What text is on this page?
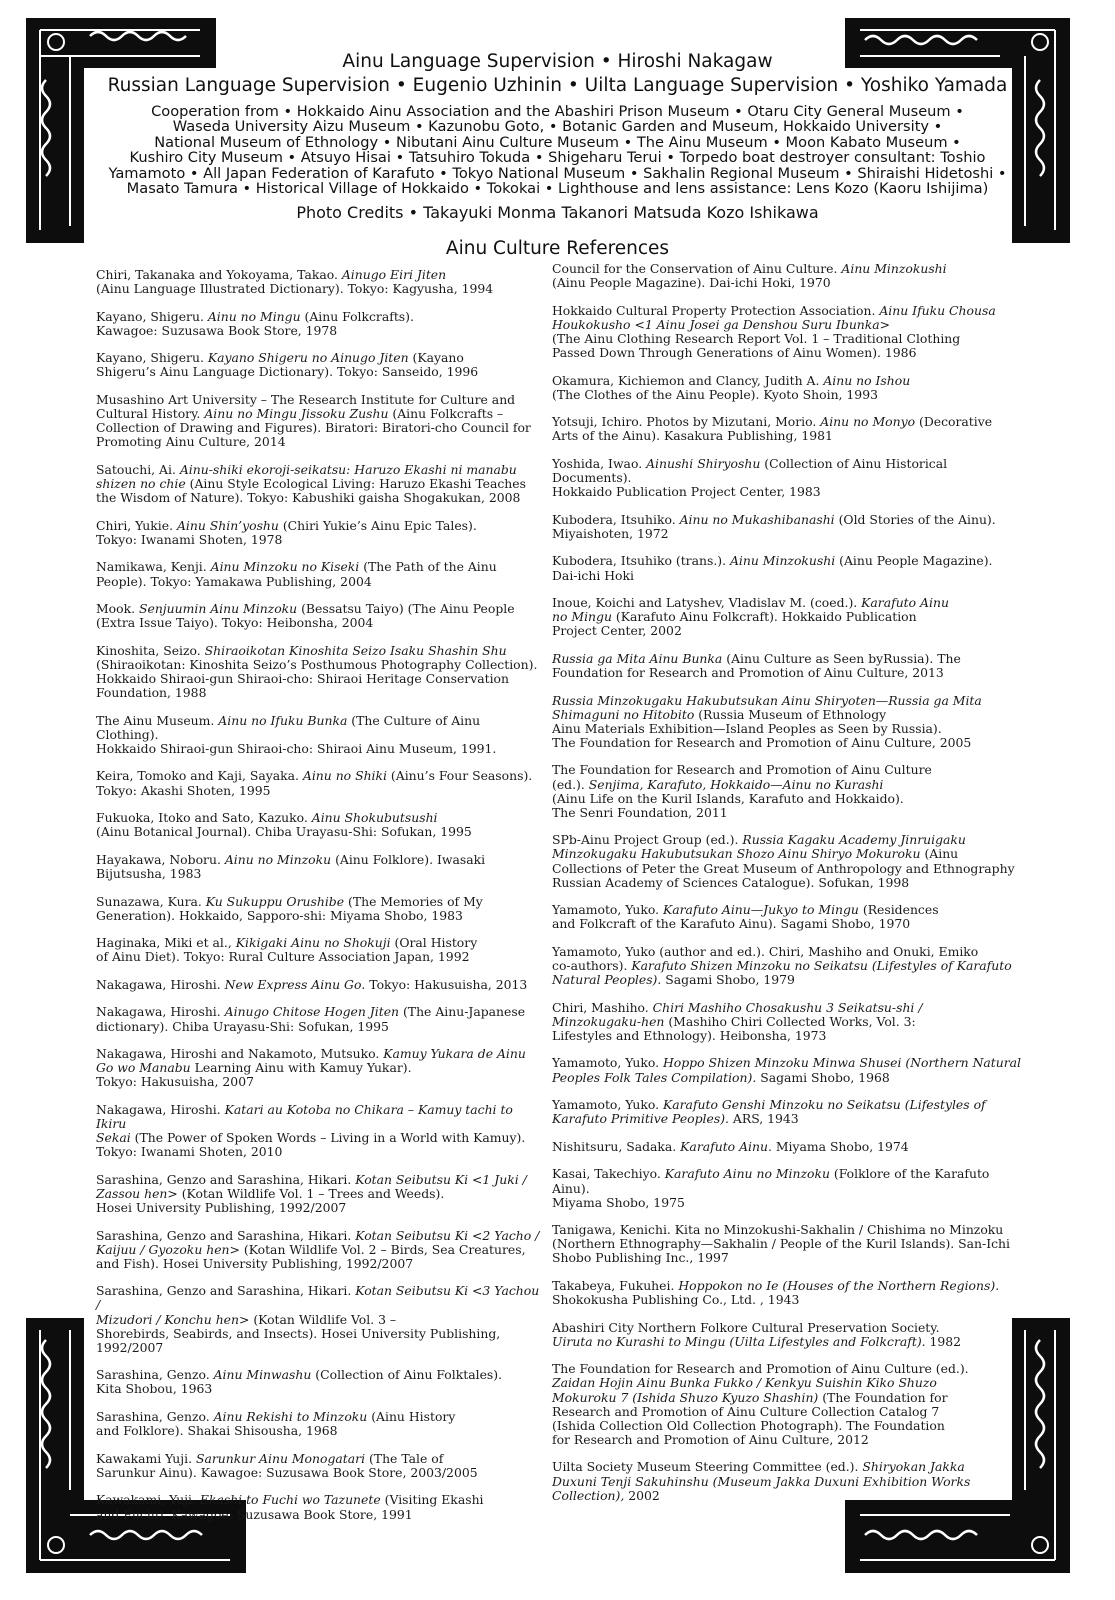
Ainu Language Supervision • Hiroshi Nakagaw
Russian Language Supervision • Eugenio Uzhinin • Uilta Language Supervision • Yoshiko Yamada
Cooperation from • Hokkaido Ainu Association and the Abashiri Prison Museum • Otaru City General Museum •
Waseda University Aizu Museum • Kazunobu Goto, • Botanic Garden and Museum, Hokkaido University •
National Museum of Ethnology • Nibutani Ainu Culture Museum • The Ainu Museum • Moon Kabato Museum •
Kushiro City Museum • Atsuyo Hisai • Tatsuhiro Tokuda • Shigeharu Terui • Torpedo boat destroyer consultant: Toshio
Yamamoto • All Japan Federation of Karafuto • Tokyo National Museum • Sakhalin Regional Museum • Shiraishi Hidetoshi •
Masato Tamura • Historical Village of Hokkaido • Tokokai • Lighthouse and lens assistance: Lens Kozo (Kaoru Ishijima)
Photo Credits • Takayuki Monma Takanori Matsuda Kozo Ishikawa
Ainu Culture References
Chiri, Takanaka and Yokoyama, Takao. Ainugo Eiri Jiten
(Ainu Language Illustrated Dictionary). Tokyo: Kagyusha, 1994
Kayano, Shigeru. Ainu no Mingu (Ainu Folkcrafts).
Kawagoe: Suzusawa Book Store, 1978
Kayano, Shigeru. Kayano Shigeru no Ainugo Jiten (Kayano
Shigeru’s Ainu Language Dictionary). Tokyo: Sanseido, 1996
Musashino Art University – The Research Institute for Culture and
Cultural History. Ainu no Mingu Jissoku Zushu (Ainu Folkcrafts –
Collection of Drawing and Figures). Biratori: Biratori-cho Council for
Promoting Ainu Culture, 2014
Satouchi, Ai. Ainu-shiki ekoroji-seikatsu: Haruzo Ekashi ni manabu
shizen no chie (Ainu Style Ecological Living: Haruzo Ekashi Teaches
the Wisdom of Nature). Tokyo: Kabushiki gaisha Shogakukan, 2008
Chiri, Yukie. Ainu Shin’yoshu (Chiri Yukie’s Ainu Epic Tales).
Tokyo: Iwanami Shoten, 1978
Namikawa, Kenji. Ainu Minzoku no Kiseki (The Path of the Ainu
People). Tokyo: Yamakawa Publishing, 2004
Mook. Senjuumin Ainu Minzoku (Bessatsu Taiyo) (The Ainu People
(Extra Issue Taiyo). Tokyo: Heibonsha, 2004
Kinoshita, Seizo. Shiraoikotan Kinoshita Seizo Isaku Shashin Shu
(Shiraoikotan: Kinoshita Seizo’s Posthumous Photography Collection).
Hokkaido Shiraoi-gun Shiraoi-cho: Shiraoi Heritage Conservation
Foundation, 1988
The Ainu Museum. Ainu no Ifuku Bunka (The Culture of Ainu Clothing).
Hokkaido Shiraoi-gun Shiraoi-cho: Shiraoi Ainu Museum, 1991.
Keira, Tomoko and Kaji, Sayaka. Ainu no Shiki (Ainu’s Four Seasons).
Tokyo: Akashi Shoten, 1995
Fukuoka, Itoko and Sato, Kazuko. Ainu Shokubutsushi
(Ainu Botanical Journal). Chiba Urayasu-Shi: Sofukan, 1995
Hayakawa, Noboru. Ainu no Minzoku (Ainu Folklore). Iwasaki
Bijutsusha, 1983
Sunazawa, Kura. Ku Sukuppu Orushibe (The Memories of My
Generation). Hokkaido, Sapporo-shi: Miyama Shobo, 1983
Haginaka, Miki et al., Kikigaki Ainu no Shokuji (Oral History
of Ainu Diet). Tokyo: Rural Culture Association Japan, 1992
Nakagawa, Hiroshi. New Express Ainu Go. Tokyo: Hakusuisha, 2013
Nakagawa, Hiroshi. Ainugo Chitose Hogen Jiten (The Ainu-Japanese
dictionary). Chiba Urayasu-Shi: Sofukan, 1995
Nakagawa, Hiroshi and Nakamoto, Mutsuko. Kamuy Yukara de Ainu
Go wo Manabu Learning Ainu with Kamuy Yukar).
Tokyo: Hakusuisha, 2007
Nakagawa, Hiroshi. Katari au Kotoba no Chikara – Kamuy tachi to Ikiru
Sekai (The Power of Spoken Words – Living in a World with Kamuy).
Tokyo: Iwanami Shoten, 2010
Sarashina, Genzo and Sarashina, Hikari. Kotan Seibutsu Ki <1 Juki /
Zassou hen> (Kotan Wildlife Vol. 1 – Trees and Weeds).
Hosei University Publishing, 1992/2007
Sarashina, Genzo and Sarashina, Hikari. Kotan Seibutsu Ki <2 Yacho /
Kaijuu / Gyozoku hen> (Kotan Wildlife Vol. 2 – Birds, Sea Creatures,
and Fish). Hosei University Publishing, 1992/2007
Sarashina, Genzo and Sarashina, Hikari. Kotan Seibutsu Ki <3 Yachou /
Mizudori / Konchu hen> (Kotan Wildlife Vol. 3 –
Shorebirds, Seabirds, and Insects). Hosei University Publishing,
1992/2007
Sarashina, Genzo. Ainu Minwashu (Collection of Ainu Folktales).
Kita Shobou, 1963
Sarashina, Genzo. Ainu Rekishi to Minzoku (Ainu History
and Folklore). Shakai Shisousha, 1968
Kawakami Yuji. Sarunkur Ainu Monogatari (The Tale of
Sarunkur Ainu). Kawagoe: Suzusawa Book Store, 2003/2005
Kawakami, Yuji. Ekashi to Fuchi wo Tazunete (Visiting Ekashi
and Fuchi). Kawagoe: Suzusawa Book Store, 1991
Council for the Conservation of Ainu Culture. Ainu Minzokushi
(Ainu People Magazine). Dai-ichi Hoki, 1970
Hokkaido Cultural Property Protection Association. Ainu Ifuku Chousa
Houkokusho <1 Ainu Josei ga Denshou Suru Ibunka>
(The Ainu Clothing Research Report Vol. 1 – Traditional Clothing
Passed Down Through Generations of Ainu Women). 1986
Okamura, Kichiemon and Clancy, Judith A. Ainu no Ishou
(The Clothes of the Ainu People). Kyoto Shoin, 1993
Yotsuji, Ichiro. Photos by Mizutani, Morio. Ainu no Monyo (Decorative
Arts of the Ainu). Kasakura Publishing, 1981
Yoshida, Iwao. Ainushi Shiryoshu (Collection of Ainu Historical Documents).
Hokkaido Publication Project Center, 1983
Kubodera, Itsuhiko. Ainu no Mukashibanashi (Old Stories of the Ainu).
Miyaishoten, 1972
Kubodera, Itsuhiko (trans.). Ainu Minzokushi (Ainu People Magazine).
Dai-ichi Hoki
Inoue, Koichi and Latyshev, Vladislav M. (coed.). Karafuto Ainu
no Mingu (Karafuto Ainu Folkcraft). Hokkaido Publication
Project Center, 2002
Russia ga Mita Ainu Bunka (Ainu Culture as Seen byRussia). The
Foundation for Research and Promotion of Ainu Culture, 2013
Russia Minzokugaku Hakubutsukan Ainu Shiryoten—Russia ga Mita
Shimaguni no Hitobito (Russia Museum of Ethnology
Ainu Materials Exhibition—Island Peoples as Seen by Russia).
The Foundation for Research and Promotion of Ainu Culture, 2005
The Foundation for Research and Promotion of Ainu Culture
(ed.). Senjima, Karafuto, Hokkaido—Ainu no Kurashi
(Ainu Life on the Kuril Islands, Karafuto and Hokkaido).
The Senri Foundation, 2011
SPb-Ainu Project Group (ed.). Russia Kagaku Academy Jinruigaku
Minzokugaku Hakubutsukan Shozo Ainu Shiryo Mokuroku (Ainu
Collections of Peter the Great Museum of Anthropology and Ethnography
Russian Academy of Sciences Catalogue). Sofukan, 1998
Yamamoto, Yuko. Karafuto Ainu—Jukyo to Mingu (Residences
and Folkcraft of the Karafuto Ainu). Sagami Shobo, 1970
Yamamoto, Yuko (author and ed.). Chiri, Mashiho and Onuki, Emiko
co-authors). Karafuto Shizen Minzoku no Seikatsu (Lifestyles of Karafuto
Natural Peoples). Sagami Shobo, 1979
Chiri, Mashiho. Chiri Mashiho Chosakushu 3 Seikatsu-shi /
Minzokugaku-hen (Mashiho Chiri Collected Works, Vol. 3:
Lifestyles and Ethnology). Heibonsha, 1973
Yamamoto, Yuko. Hoppo Shizen Minzoku Minwa Shusei (Northern Natural
Peoples Folk Tales Compilation). Sagami Shobo, 1968
Yamamoto, Yuko. Karafuto Genshi Minzoku no Seikatsu (Lifestyles of
Karafuto Primitive Peoples). ARS, 1943
Nishitsuru, Sadaka. Karafuto Ainu. Miyama Shobo, 1974
Kasai, Takechiyo. Karafuto Ainu no Minzoku (Folklore of the Karafuto Ainu).
Miyama Shobo, 1975
Tanigawa, Kenichi. Kita no Minzokushi-Sakhalin / Chishima no Minzoku
(Northern Ethnography—Sakhalin / People of the Kuril Islands). San-Ichi
Shobo Publishing Inc., 1997
Takabeya, Fukuhei. Hoppokon no Ie (Houses of the Northern Regions).
Shokokusha Publishing Co., Ltd. , 1943
Abashiri City Northern Folkore Cultural Preservation Society.
Uiruta no Kurashi to Mingu (Uilta Lifestyles and Folkcraft). 1982
The Foundation for Research and Promotion of Ainu Culture (ed.).
Zaidan Hojin Ainu Bunka Fukko / Kenkyu Suishin Kiko Shuzo
Mokuroku 7 (Ishida Shuzo Kyuzo Shashin) (The Foundation for
Research and Promotion of Ainu Culture Collection Catalog 7
(Ishida Collection Old Collection Photograph). The Foundation
for Research and Promotion of Ainu Culture, 2012
Uilta Society Museum Steering Committee (ed.). Shiryokan Jakka
Duxuni Tenji Sakuhinshu (Museum Jakka Duxuni Exhibition Works
Collection), 2002
